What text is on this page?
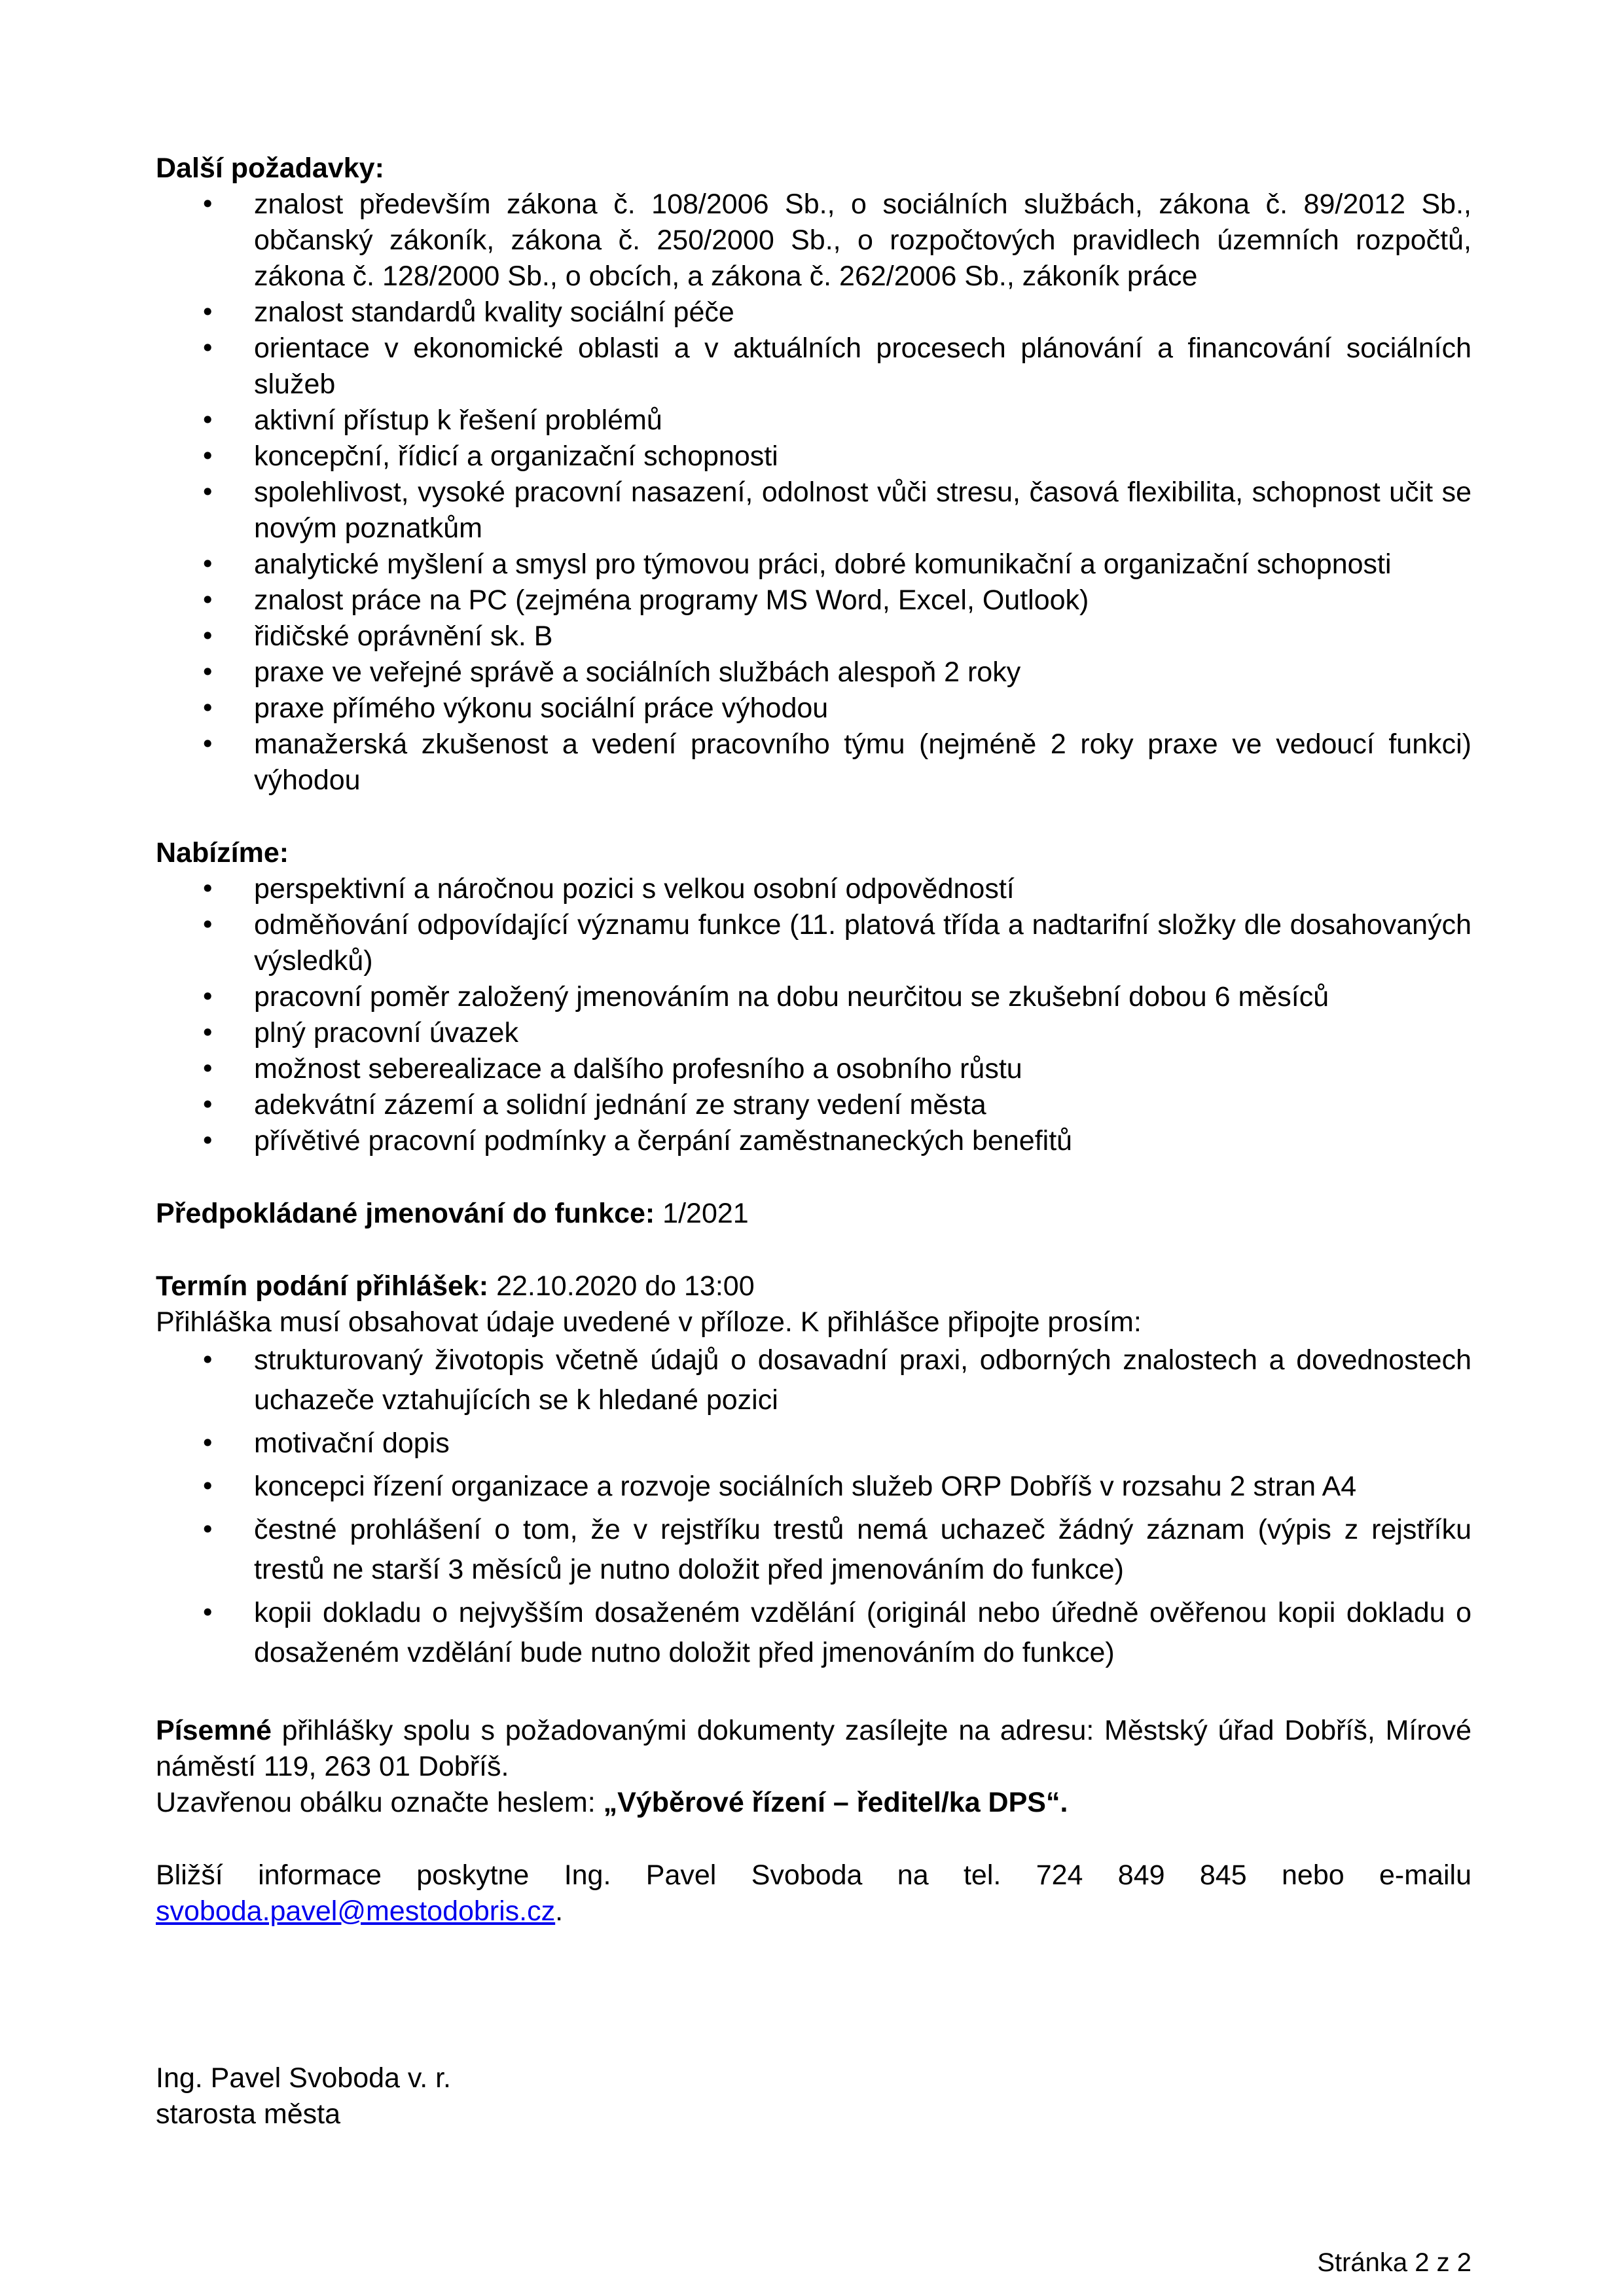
Další požadavky:

• znalost především zákona č. 108/2006 Sb., o sociálních službách, zákona č. 89/2012 Sb., občanský zákoník, zákona č. 250/2000 Sb., o rozpočtových pravidlech územních rozpočtů, zákona č. 128/2000 Sb., o obcích, a zákona č. 262/2006 Sb., zákoník práce
• znalost standardů kvality sociální péče
• orientace v ekonomické oblasti a v aktuálních procesech plánování a financování sociálních služeb
• aktivní přístup k řešení problémů
• koncepční, řídicí a organizační schopnosti
• spolehlivost, vysoké pracovní nasazení, odolnost vůči stresu, časová flexibilita, schopnost učit se novým poznatkům
• analytické myšlení a smysl pro týmovou práci, dobré komunikační a organizační schopnosti
• znalost práce na PC (zejména programy MS Word, Excel, Outlook)
• řidičské oprávnění sk. B
• praxe ve veřejné správě a sociálních službách alespoň 2 roky
• praxe přímého výkonu sociální práce výhodou
• manažerská zkušenost a vedení pracovního týmu (nejméně 2 roky praxe ve vedoucí funkci) výhodou

Nabízíme:

• perspektivní a náročnou pozici s velkou osobní odpovědností
• odměňování odpovídající významu funkce (11. platová třída a nadtarifní složky dle dosahovaných výsledků)
• pracovní poměr založený jmenováním na dobu neurčitou se zkušební dobou 6 měsíců
• plný pracovní úvazek
• možnost seberealizace a dalšího profesního a osobního růstu
• adekvátní zázemí a solidní jednání ze strany vedení města
• přívětivé pracovní podmínky a čerpání zaměstnaneckých benefitů

Předpokládané jmenování do funkce: 1/2021

Termín podání přihlášek: 22.10.2020 do 13:00

Přihláška musí obsahovat údaje uvedené v příloze. K přihlášce připojte prosím:

• strukturovaný životopis včetně údajů o dosavadní praxi, odborných znalostech a dovednostech uchazeče vztahujících se k hledané pozici
• motivační dopis
• koncepci řízení organizace a rozvoje sociálních služeb ORP Dobříš v rozsahu 2 stran A4
• čestné prohlášení o tom, že v rejstříku trestů nemá uchazeč žádný záznam (výpis z rejstříku trestů ne starší 3 měsíců je nutno doložit před jmenováním do funkce)
• kopii dokladu o nejvyšším dosaženém vzdělání (originál nebo úředně ověřenou kopii dokladu o dosaženém vzdělání bude nutno doložit před jmenováním do funkce)

Písemné přihlášky spolu s požadovanými dokumenty zasílejte na adresu: Městský úřad Dobříš, Mírové náměstí 119, 263 01 Dobříš.

Uzavřenou obálku označte heslem: „Výběrové řízení – ředitel/ka DPS“.

Bližší informace poskytne Ing. Pavel Svoboda na tel. 724 849 845 nebo e-mailu svoboda.pavel@mestodobris.cz.

Ing. Pavel Svoboda v. r.

starosta města

Stránka 2 z 2
